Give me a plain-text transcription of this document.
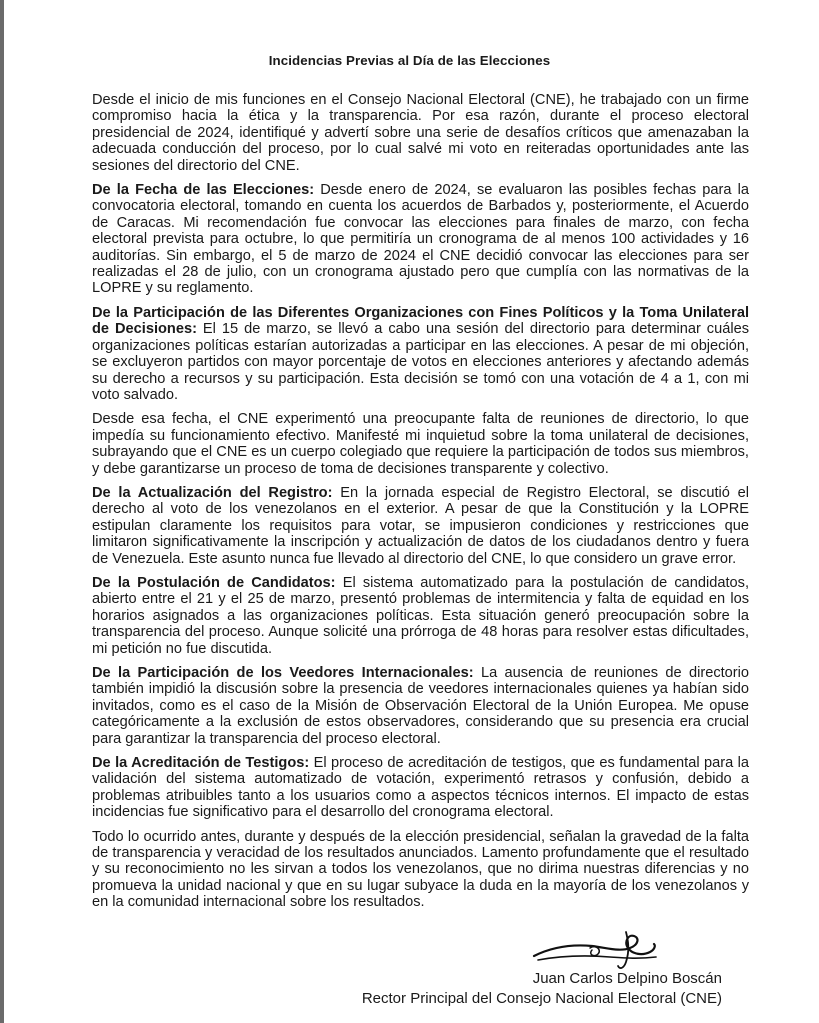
Incidencias Previas al Día de las Elecciones

Desde el inicio de mis funciones en el Consejo Nacional Electoral (CNE), he trabajado con un firme compromiso hacia la ética y la transparencia. Por esa razón, durante el proceso electoral presidencial de 2024, identifiqué y advertí sobre una serie de desafíos críticos que amenazaban la adecuada conducción del proceso, por lo cual salvé mi voto en reiteradas oportunidades ante las sesiones del directorio del CNE.

De la Fecha de las Elecciones: Desde enero de 2024, se evaluaron las posibles fechas para la convocatoria electoral, tomando en cuenta los acuerdos de Barbados y, posteriormente, el Acuerdo de Caracas. Mi recomendación fue convocar las elecciones para finales de marzo, con fecha electoral prevista para octubre, lo que permitiría un cronograma de al menos 100 actividades y 16 auditorías. Sin embargo, el 5 de marzo de 2024 el CNE decidió convocar las elecciones para ser realizadas el 28 de julio, con un cronograma ajustado pero que cumplía con las normativas de la LOPRE y su reglamento.

De la Participación de las Diferentes Organizaciones con Fines Políticos y la Toma Unilateral de Decisiones: El 15 de marzo, se llevó a cabo una sesión del directorio para determinar cuáles organizaciones políticas estarían autorizadas a participar en las elecciones. A pesar de mi objeción, se excluyeron partidos con mayor porcentaje de votos en elecciones anteriores y afectando además su derecho a recursos y su participación. Esta decisión se tomó con una votación de 4 a 1, con mi voto salvado.

Desde esa fecha, el CNE experimentó una preocupante falta de reuniones de directorio, lo que impedía su funcionamiento efectivo. Manifesté mi inquietud sobre la toma unilateral de decisiones, subrayando que el CNE es un cuerpo colegiado que requiere la participación de todos sus miembros, y debe garantizarse un proceso de toma de decisiones transparente y colectivo.

De la Actualización del Registro: En la jornada especial de Registro Electoral, se discutió el derecho al voto de los venezolanos en el exterior. A pesar de que la Constitución y la LOPRE estipulan claramente los requisitos para votar, se impusieron condiciones y restricciones que limitaron significativamente la inscripción y actualización de datos de los ciudadanos dentro y fuera de Venezuela. Este asunto nunca fue llevado al directorio del CNE, lo que considero un grave error.

De la Postulación de Candidatos: El sistema automatizado para la postulación de candidatos, abierto entre el 21 y el 25 de marzo, presentó problemas de intermitencia y falta de equidad en los horarios asignados a las organizaciones políticas. Esta situación generó preocupación sobre la transparencia del proceso. Aunque solicité una prórroga de 48 horas para resolver estas dificultades, mi petición no fue discutida.

De la Participación de los Veedores Internacionales: La ausencia de reuniones de directorio también impidió la discusión sobre la presencia de veedores internacionales quienes ya habían sido invitados, como es el caso de la Misión de Observación Electoral de la Unión Europea. Me opuse categóricamente a la exclusión de estos observadores, considerando que su presencia era crucial para garantizar la transparencia del proceso electoral.

De la Acreditación de Testigos: El proceso de acreditación de testigos, que es fundamental para la validación del sistema automatizado de votación, experimentó retrasos y confusión, debido a problemas atribuibles tanto a los usuarios como a aspectos técnicos internos. El impacto de estas incidencias fue significativo para el desarrollo del cronograma electoral.

Todo lo ocurrido antes, durante y después de la elección presidencial, señalan la gravedad de la falta de transparencia y veracidad de los resultados anunciados. Lamento profundamente que el resultado y su reconocimiento no les sirvan a todos los venezolanos, que no dirima nuestras diferencias y no promueva la unidad nacional y que en su lugar subyace la duda en la mayoría de los venezolanos y en la comunidad internacional sobre los resultados.

Juan Carlos Delpino Boscán
Rector Principal del Consejo Nacional Electoral (CNE)
